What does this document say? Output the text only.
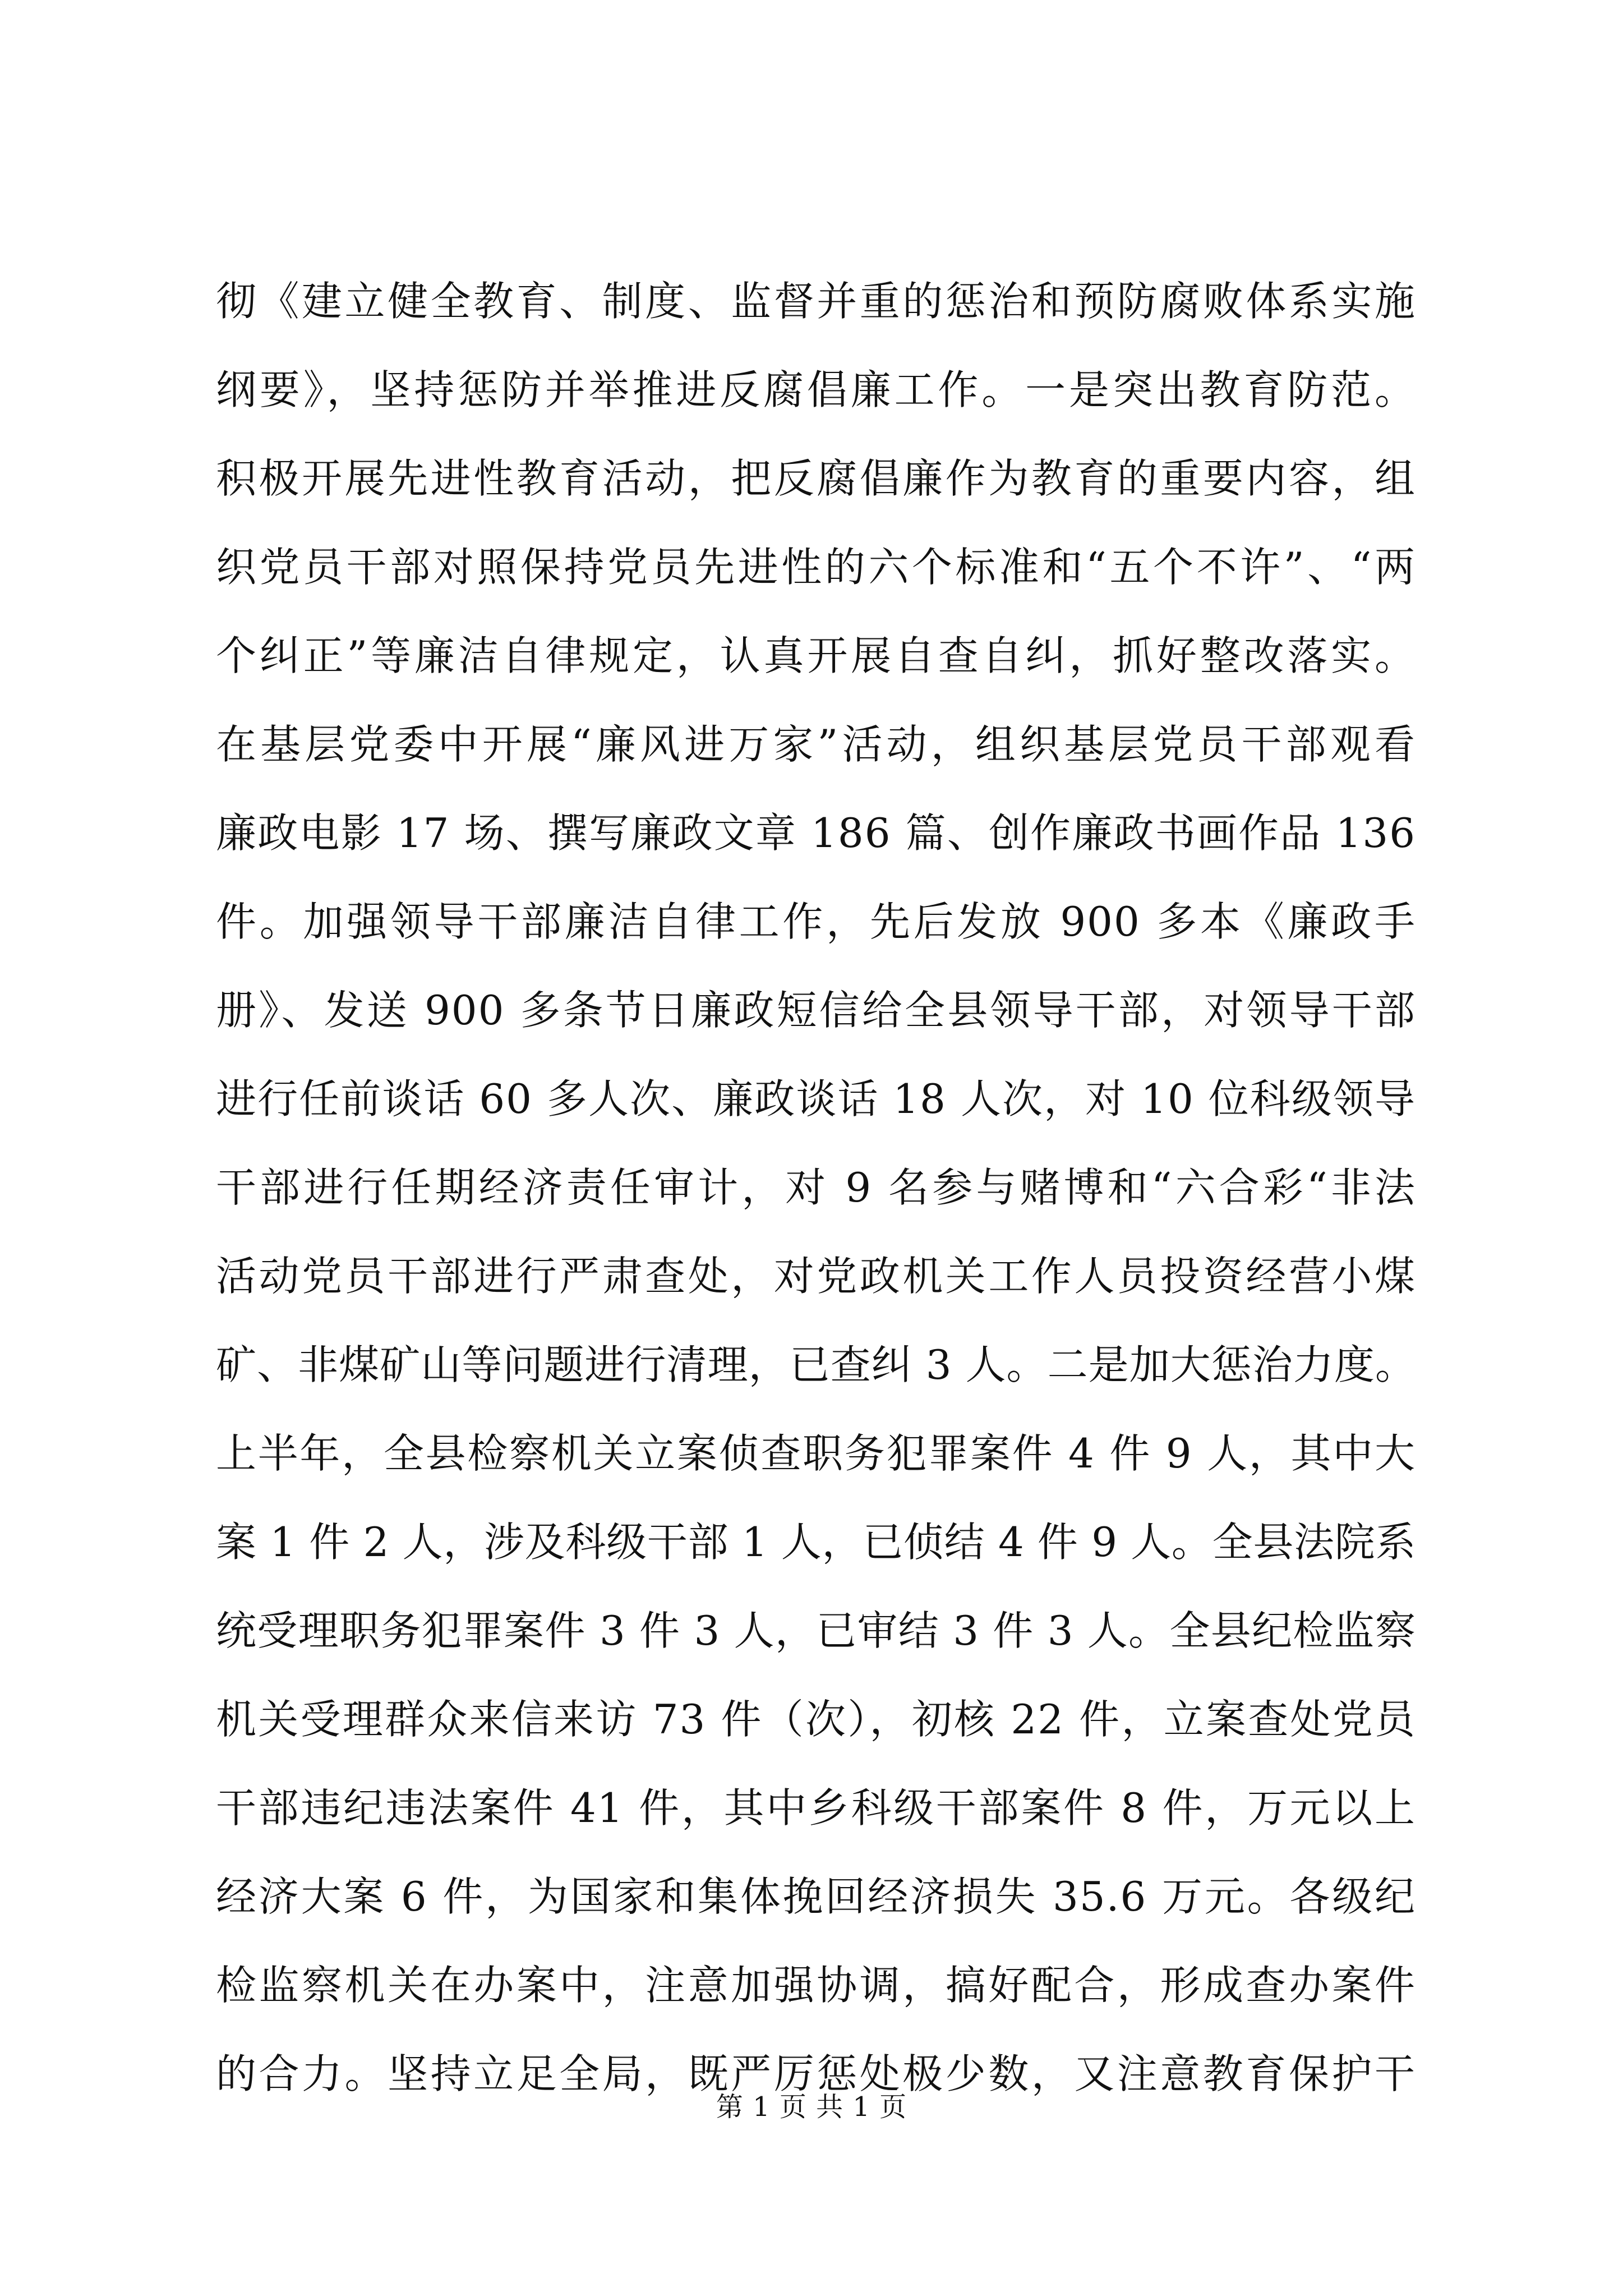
彻《建立健全教育、制度、监督并重的惩治和预防腐败体系实施
纲要》，坚持惩防并举推进反腐倡廉工作。一是突出教育防范。
积极开展先进性教育活动，把反腐倡廉作为教育的重要内容，组
织党员干部对照保持党员先进性的六个标准和“五个不许”、“两
个纠正”等廉洁自律规定，认真开展自查自纠，抓好整改落实。
在基层党委中开展“廉风进万家”活动，组织基层党员干部观看
廉政电影 17 场、撰写廉政文章 186 篇、创作廉政书画作品 136
件。加强领导干部廉洁自律工作，先后发放 900 多本《廉政手
册》、发送 900 多条节日廉政短信给全县领导干部，对领导干部
进行任前谈话 60 多人次、廉政谈话 18 人次，对 10 位科级领导
干部进行任期经济责任审计，对 9 名参与赌博和“六合彩“非法
活动党员干部进行严肃查处，对党政机关工作人员投资经营小煤
矿、非煤矿山等问题进行清理，已查纠 3 人。二是加大惩治力度。
上半年，全县检察机关立案侦查职务犯罪案件 4 件 9 人，其中大
案 1 件 2 人，涉及科级干部 1 人，已侦结 4 件 9 人。全县法院系
统受理职务犯罪案件 3 件 3 人，已审结 3 件 3 人。全县纪检监察
机关受理群众来信来访 73 件（次），初核 22 件，立案查处党员
干部违纪违法案件 41 件，其中乡科级干部案件 8 件，万元以上
经济大案 6 件，为国家和集体挽回经济损失 35.6 万元。各级纪
检监察机关在办案中，注意加强协调，搞好配合，形成查办案件
的合力。坚持立足全局，既严厉惩处极少数，又注意教育保护干
第 1 页 共 1 页
